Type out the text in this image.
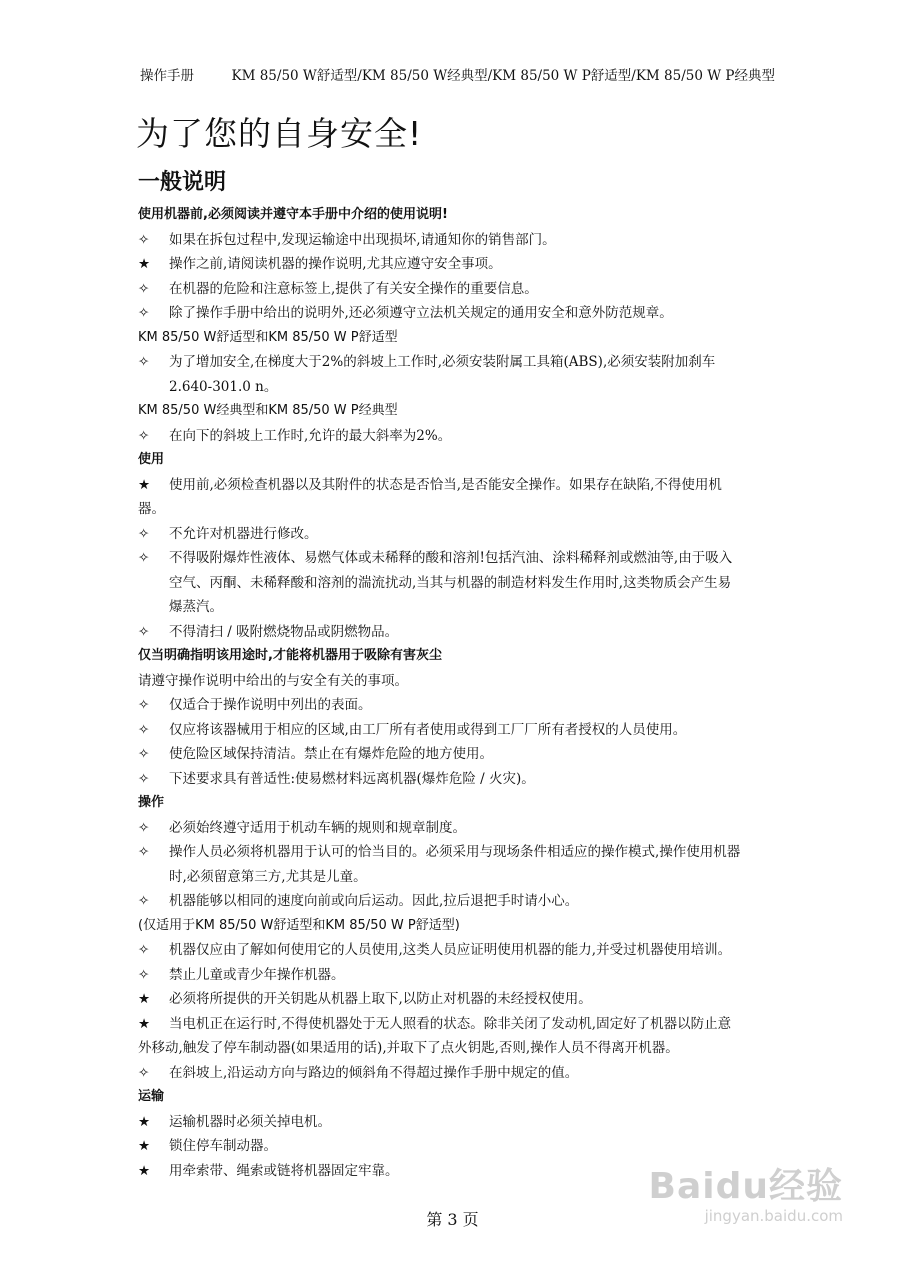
操作手册	KM 85/50 W舒适型/KM 85/50 W经典型/KM 85/50 W P舒适型/KM 85/50 W P经典型
为了您的自身安全!
一般说明
使用机器前,必须阅读并遵守本手册中介绍的使用说明!
✧	如果在拆包过程中,发现运输途中出现损坏,请通知你的销售部门。
★	操作之前,请阅读机器的操作说明,尤其应遵守安全事项。
✧	在机器的危险和注意标签上,提供了有关安全操作的重要信息。
✧	除了操作手册中给出的说明外,还必须遵守立法机关规定的通用安全和意外防范规章。
KM 85/50 W舒适型和KM 85/50 W P舒适型
✧	为了增加安全,在梯度大于2%的斜坡上工作时,必须安装附属工具箱(ABS),必须安装附加刹车
2.640-301.0 n。
KM 85/50 W经典型和KM 85/50 W P经典型
✧	在向下的斜坡上工作时,允许的最大斜率为2%。
使用
★	使用前,必须检查机器以及其附件的状态是否恰当,是否能安全操作。如果存在缺陷,不得使用机
器。
✧	不允许对机器进行修改。
✧	不得吸附爆炸性液体、易燃气体或未稀释的酸和溶剂!包括汽油、涂料稀释剂或燃油等,由于吸入
空气、丙酮、未稀释酸和溶剂的湍流扰动,当其与机器的制造材料发生作用时,这类物质会产生易
爆蒸汽。
✧	不得清扫 / 吸附燃烧物品或阴燃物品。
仅当明确指明该用途时,才能将机器用于吸除有害灰尘
请遵守操作说明中给出的与安全有关的事项。
✧	仅适合于操作说明中列出的表面。
✧	仅应将该器械用于相应的区域,由工厂所有者使用或得到工厂厂所有者授权的人员使用。
✧	使危险区域保持清洁。禁止在有爆炸危险的地方使用。
✧	下述要求具有普适性:使易燃材料远离机器(爆炸危险 / 火灾)。
操作
✧	必须始终遵守适用于机动车辆的规则和规章制度。
✧	操作人员必须将机器用于认可的恰当目的。必须采用与现场条件相适应的操作模式,操作使用机器
时,必须留意第三方,尤其是儿童。
✧	机器能够以相同的速度向前或向后运动。因此,拉后退把手时请小心。
(仅适用于KM 85/50 W舒适型和KM 85/50 W P舒适型)
✧	机器仅应由了解如何使用它的人员使用,这类人员应证明使用机器的能力,并受过机器使用培训。
✧	禁止儿童或青少年操作机器。
★	必须将所提供的开关钥匙从机器上取下,以防止对机器的未经授权使用。
★	当电机正在运行时,不得使机器处于无人照看的状态。除非关闭了发动机,固定好了机器以防止意
外移动,触发了停车制动器(如果适用的话),并取下了点火钥匙,否则,操作人员不得离开机器。
✧	在斜坡上,沿运动方向与路边的倾斜角不得超过操作手册中规定的值。
运输
★	运输机器时必须关掉电机。
★	锁住停车制动器。
★	用牵索带、绳索或链将机器固定牢靠。
第 3 页
Baidu经验
jingyan.baidu.com
